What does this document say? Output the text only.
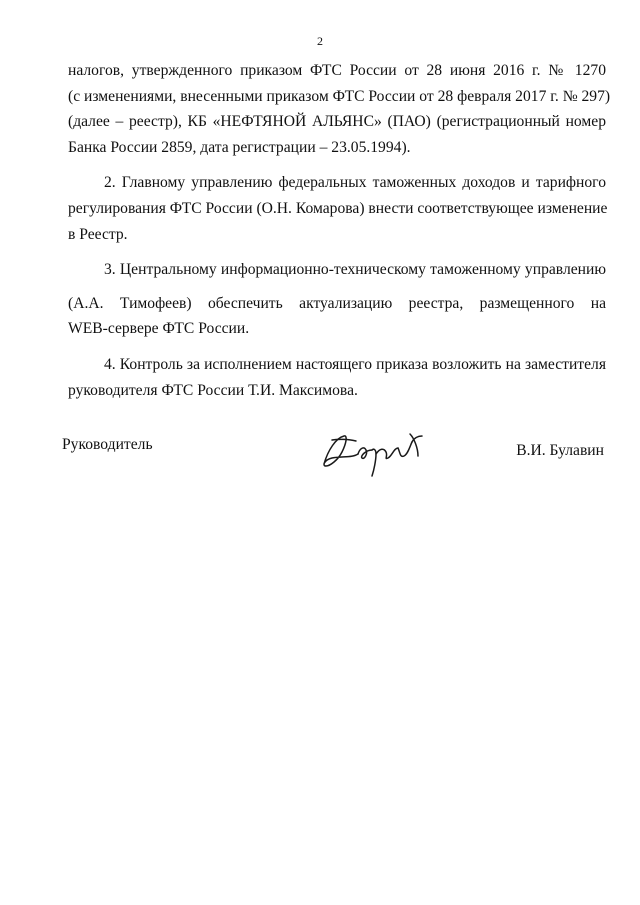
2
налогов, утвержденного приказом ФТС России от 28 июня 2016 г. № 1270
(с изменениями, внесенными приказом ФТС России от 28 февраля 2017 г. № 297)
(далее – реестр), КБ «НЕФТЯНОЙ АЛЬЯНС» (ПАО) (регистрационный номер
Банка России 2859, дата регистрации – 23.05.1994).
2. Главному управлению федеральных таможенных доходов и тарифного
регулирования ФТС России (О.Н. Комарова) внести соответствующее изменение
в Реестр.
3. Центральному информационно-техническому таможенному управлению
(А.А. Тимофеев) обеспечить актуализацию реестра, размещенного на
WEB-сервере ФТС России.
4. Контроль за исполнением настоящего приказа возложить на заместителя
руководителя ФТС России Т.И. Максимова.
Руководитель	В.И. Булавин
